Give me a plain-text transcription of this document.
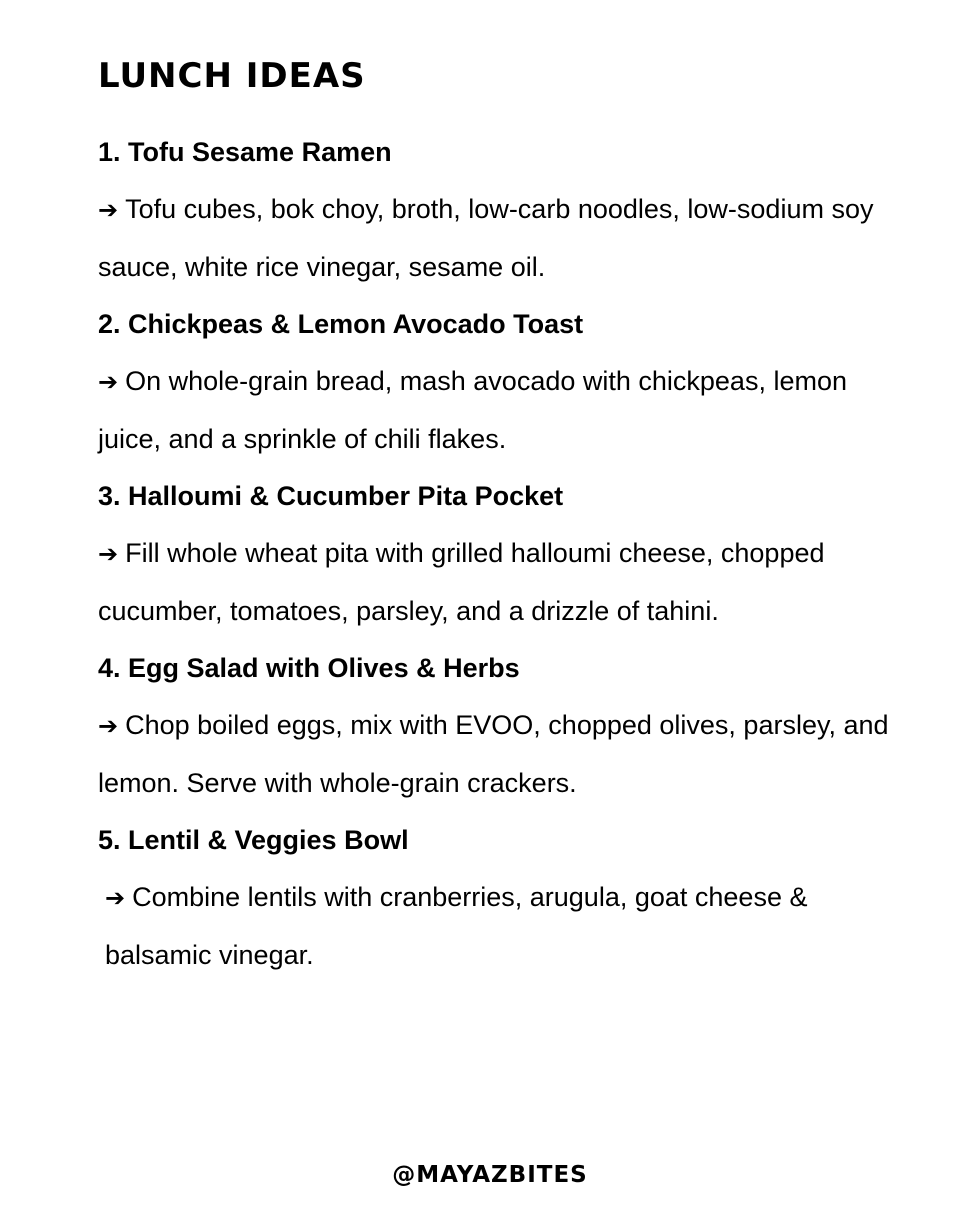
LUNCH IDEAS
1. Tofu Sesame Ramen
➔ Tofu cubes, bok choy, broth, low-carb noodles, low-sodium soy sauce, white rice vinegar, sesame oil.
2. Chickpeas & Lemon Avocado Toast
➔ On whole-grain bread, mash avocado with chickpeas, lemon juice, and a sprinkle of chili flakes.
3. Halloumi & Cucumber Pita Pocket
➔ Fill whole wheat pita with grilled halloumi cheese, chopped cucumber, tomatoes, parsley, and a drizzle of tahini.
4. Egg Salad with Olives & Herbs
➔ Chop boiled eggs, mix with EVOO, chopped olives, parsley, and lemon. Serve with whole-grain crackers.
5. Lentil & Veggies Bowl
➔ Combine lentils with cranberries, arugula, goat cheese & balsamic vinegar.
@MAYAZBITES
